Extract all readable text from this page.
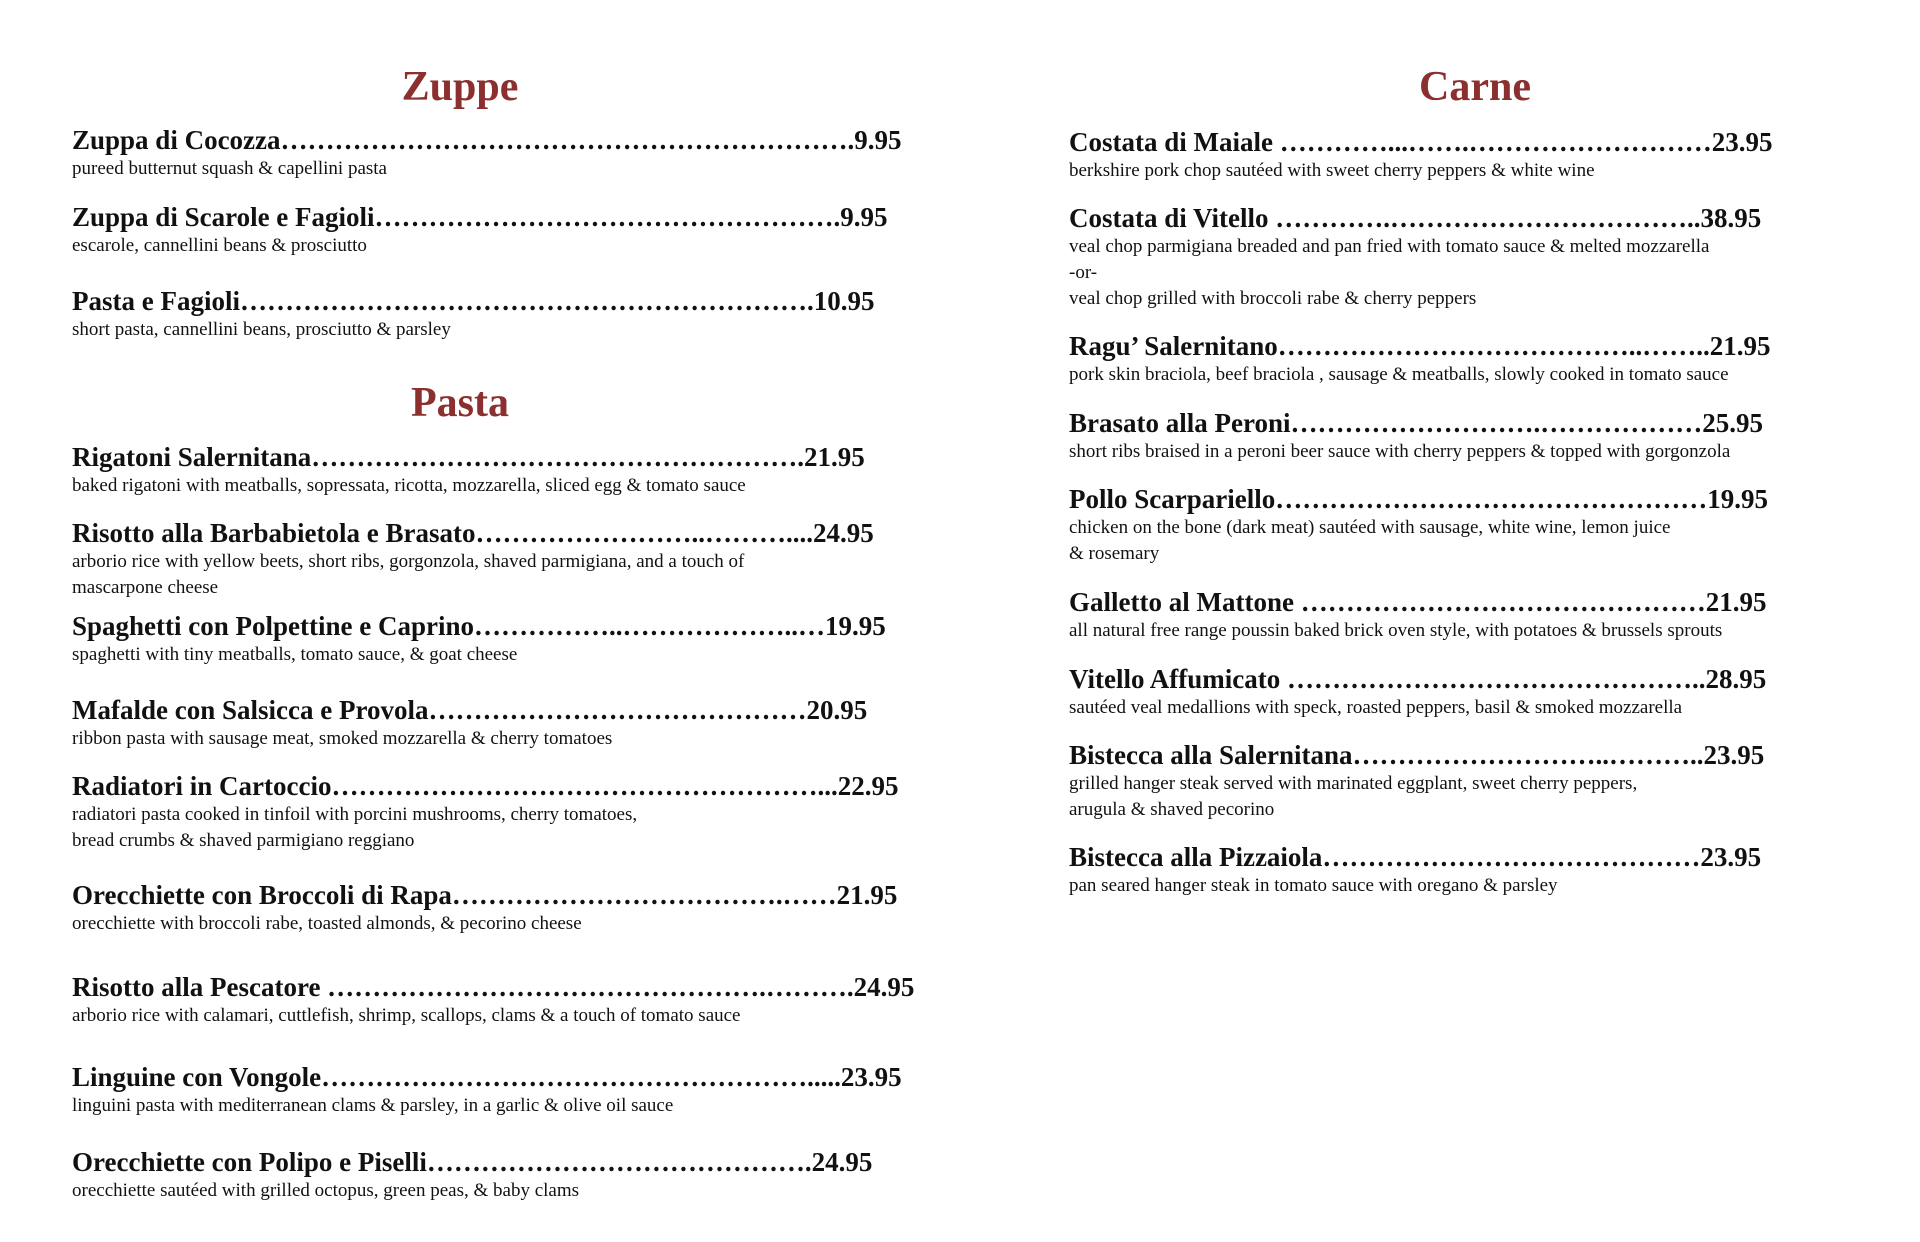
Zuppe
Pasta
Carne
Zuppa di Cocozza……………………………………………………….9.95
pureed butternut squash & capellini pasta
Zuppa di Scarole e Fagioli…………………………………………….9.95
escarole, cannellini beans & prosciutto
Pasta e Fagioli……………………………………………………….10.95
short pasta, cannellini beans, prosciutto & parsley
Rigatoni Salernitana……………………………………………….21.95
baked rigatoni with meatballs, sopressata, ricotta, mozzarella, sliced egg & tomato sauce
Risotto alla Barbabietola e Brasato……………………..………....24.95
arborio rice with yellow beets, short ribs, gorgonzola, shaved parmigiana, and a touch of
mascarpone cheese
Spaghetti con Polpettine e Caprino……………..………………..…19.95
spaghetti with tiny meatballs, tomato sauce, & goat cheese
Mafalde con Salsicca e Provola……………………………………20.95
ribbon pasta with sausage meat, smoked mozzarella & cherry tomatoes
Radiatori in Cartoccio………………………………………………...22.95
radiatori pasta cooked in tinfoil with porcini mushrooms, cherry tomatoes,
bread crumbs & shaved parmigiano reggiano
Orecchiette con Broccoli di Rapa……………………………….……21.95
orecchiette with broccoli rabe, toasted almonds, & pecorino cheese
Risotto alla Pescatore ………………………………………….……….24.95
arborio rice with calamari, cuttlefish, shrimp, scallops, clams & a touch of tomato sauce
Linguine con Vongole……………………………………………….....23.95
linguini pasta with mediterranean clams & parsley, in a garlic & olive oil sauce
Orecchiette con Polipo e Piselli…………………………………….24.95
orecchiette sautéed with grilled octopus, green peas, & baby clams
Costata di Maiale …………...…….………………………23.95
berkshire pork chop sautéed with sweet cherry peppers & white wine
Costata di Vitello ………….……………………………..38.95
veal chop parmigiana breaded and pan fried with tomato sauce & melted mozzarella
-or-
veal chop grilled with broccoli rabe & cherry peppers
Ragu’ Salernitano…………………………………..……..21.95
pork skin braciola, beef braciola , sausage & meatballs, slowly cooked in tomato sauce
Brasato alla Peroni……………………….………………25.95
short ribs braised in a peroni beer sauce with cherry peppers & topped with gorgonzola
Pollo Scarpariello…………………………………………19.95
chicken on the bone (dark meat) sautéed with sausage, white wine, lemon juice
& rosemary
Galletto al Mattone ………………………………………21.95
all natural free range poussin baked brick oven style, with potatoes & brussels sprouts
Vitello Affumicato ………………………………………..28.95
sautéed veal medallions with speck, roasted peppers, basil & smoked mozzarella
Bistecca alla Salernitana………………………..………..23.95
grilled hanger steak served with marinated eggplant, sweet cherry peppers,
arugula & shaved pecorino
Bistecca alla Pizzaiola……………………………………23.95
pan seared hanger steak in tomato sauce with oregano & parsley
